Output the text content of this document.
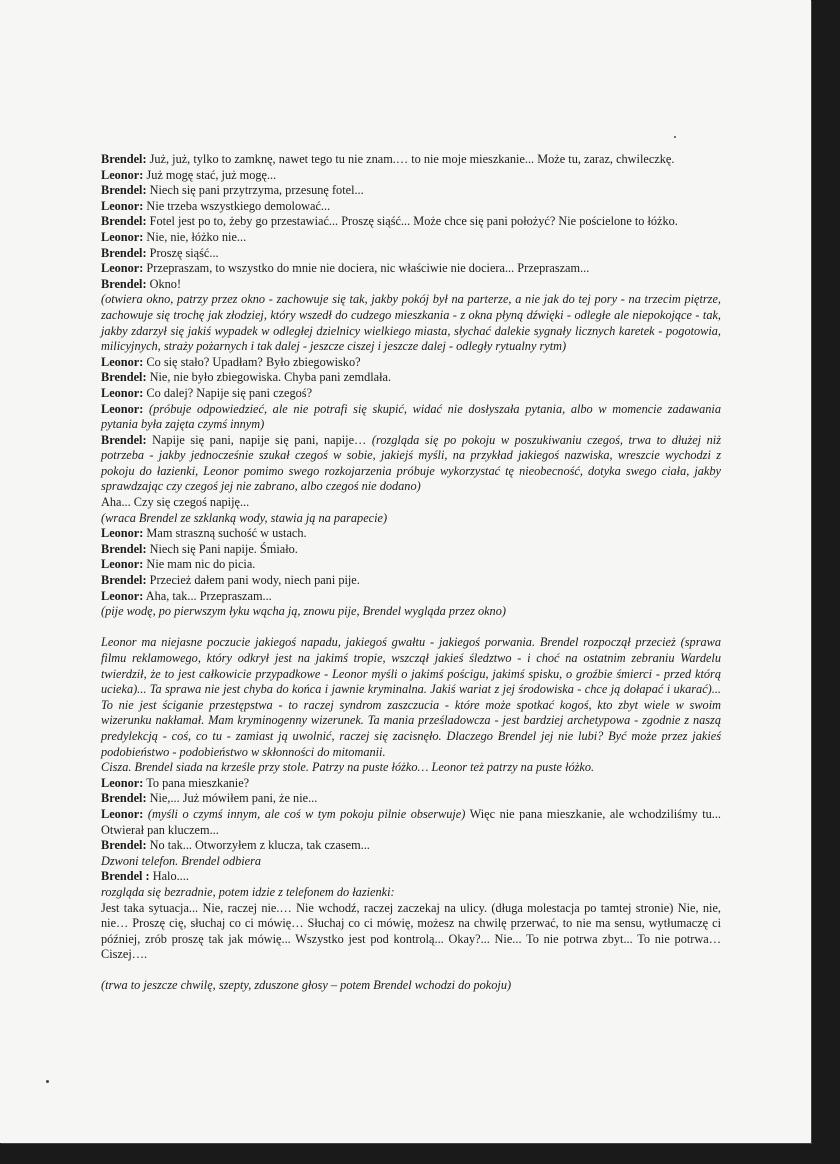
Brendel: Już, już, tylko to zamknę, nawet tego tu nie znam.… to nie moje mieszkanie... Może tu, zaraz, chwileczkę.

Leonor: Już mogę stać, już mogę...

Brendel: Niech się pani przytrzyma, przesunę fotel...

Leonor: Nie trzeba wszystkiego demolować...

Brendel: Fotel jest po to, żeby go przestawiać... Proszę siąść... Może chce się pani położyć? Nie pościelone to łóżko.

Leonor: Nie, nie, łóżko nie...

Brendel: Proszę siąść...

Leonor: Przepraszam, to wszystko do mnie nie dociera, nic właściwie nie dociera... Przepraszam...

Brendel: Okno!

(otwiera okno, patrzy przez okno - zachowuje się tak, jakby pokój był na parterze, a nie jak do tej pory - na trzecim piętrze, zachowuje się trochę jak złodziej, który wszedł do cudzego mieszkania - z okna płyną dźwięki - odległe ale niepokojące - tak, jakby zdarzył się jakiś wypadek w odległej dzielnicy wielkiego miasta, słychać dalekie sygnały licznych karetek - pogotowia, milicyjnych, straży pożarnych i tak dalej - jeszcze ciszej i jeszcze dalej - odległy rytualny rytm)

Leonor: Co się stało? Upadłam? Było zbiegowisko?

Brendel: Nie, nie było zbiegowiska. Chyba pani zemdlała.

Leonor: Co dalej? Napije się pani czegoś?

Leonor: (próbuje odpowiedzieć, ale nie potrafi się skupić, widać nie dosłyszała pytania, albo w momencie zadawania pytania była zajęta czymś innym)

Brendel: Napije się pani, napije się pani, napije… (rozgląda się po pokoju w poszukiwaniu czegoś, trwa to dłużej niż potrzeba - jakby jednocześnie szukał czegoś w sobie, jakiejś myśli, na przykład jakiegoś nazwiska, wreszcie wychodzi z pokoju do łazienki, Leonor pomimo swego rozkojarzenia próbuje wykorzystać tę nieobecność, dotyka swego ciała, jakby sprawdzając czy czegoś jej nie zabrano, albo czegoś nie dodano)

Aha... Czy się czegoś napiję...

(wraca Brendel ze szklanką wody, stawia ją na parapecie)

Leonor: Mam straszną suchość w ustach.

Brendel: Niech się Pani napije. Śmiało.

Leonor: Nie mam nic do picia.

Brendel: Przecież dałem pani wody, niech pani pije.

Leonor: Aha, tak... Przepraszam...

(pije wodę, po pierwszym łyku wącha ją, znowu pije, Brendel wygląda przez okno)

Leonor ma niejasne poczucie jakiegoś napadu, jakiegoś gwałtu - jakiegoś porwania. Brendel rozpoczął przecież (sprawa filmu reklamowego, który odkrył jest na jakimś tropie, wszczął jakieś śledztwo - i choć na ostatnim zebraniu Wardelu twierdził, że to jest całkowicie przypadkowe - Leonor myśli o jakimś pościgu, jakimś spisku, o groźbie śmierci - przed którą ucieka)... Ta sprawa nie jest chyba do końca i jawnie kryminalna. Jakiś wariat z jej środowiska - chce ją dołapać i ukarać)... To nie jest ściganie przestępstwa - to raczej syndrom zaszczucia - które może spotkać kogoś, kto zbyt wiele w swoim wizerunku nakłamał. Mam kryminogenny wizerunek. Ta mania prześladowcza - jest bardziej archetypowa - zgodnie z naszą predylekcją - coś, co tu - zamiast ją uwolnić, raczej się zacisnęło. Dlaczego Brendel jej nie lubi? Być może przez jakieś podobieństwo - podobieństwo w skłonności do mitomanii.

Cisza. Brendel siada na krześle przy stole. Patrzy na puste łóżko… Leonor też patrzy na puste łóżko.

Leonor: To pana mieszkanie?

Brendel: Nie,... Już mówiłem pani, że nie...

Leonor: (myśli o czymś innym, ale coś w tym pokoju pilnie obserwuje) Więc nie pana mieszkanie, ale wchodziliśmy tu... Otwierał pan kluczem...

Brendel: No tak... Otworzyłem z klucza, tak czasem...

Dzwoni telefon. Brendel odbiera

Brendel : Halo....

rozgląda się bezradnie, potem idzie z telefonem do łazienki:

Jest taka sytuacja... Nie, raczej nie.… Nie wchodź, raczej zaczekaj na ulicy. (długa molestacja po tamtej stronie) Nie, nie, nie… Proszę cię, słuchaj co ci mówię… Słuchaj co ci mówię, możesz na chwilę przerwać, to nie ma sensu, wytłumaczę ci później, zrób proszę tak jak mówię... Wszystko jest pod kontrolą... Okay?... Nie... To nie potrwa zbyt... To nie potrwa… Ciszej….

(trwa to jeszcze chwilę, szepty, zduszone głosy – potem Brendel wchodzi do pokoju)
